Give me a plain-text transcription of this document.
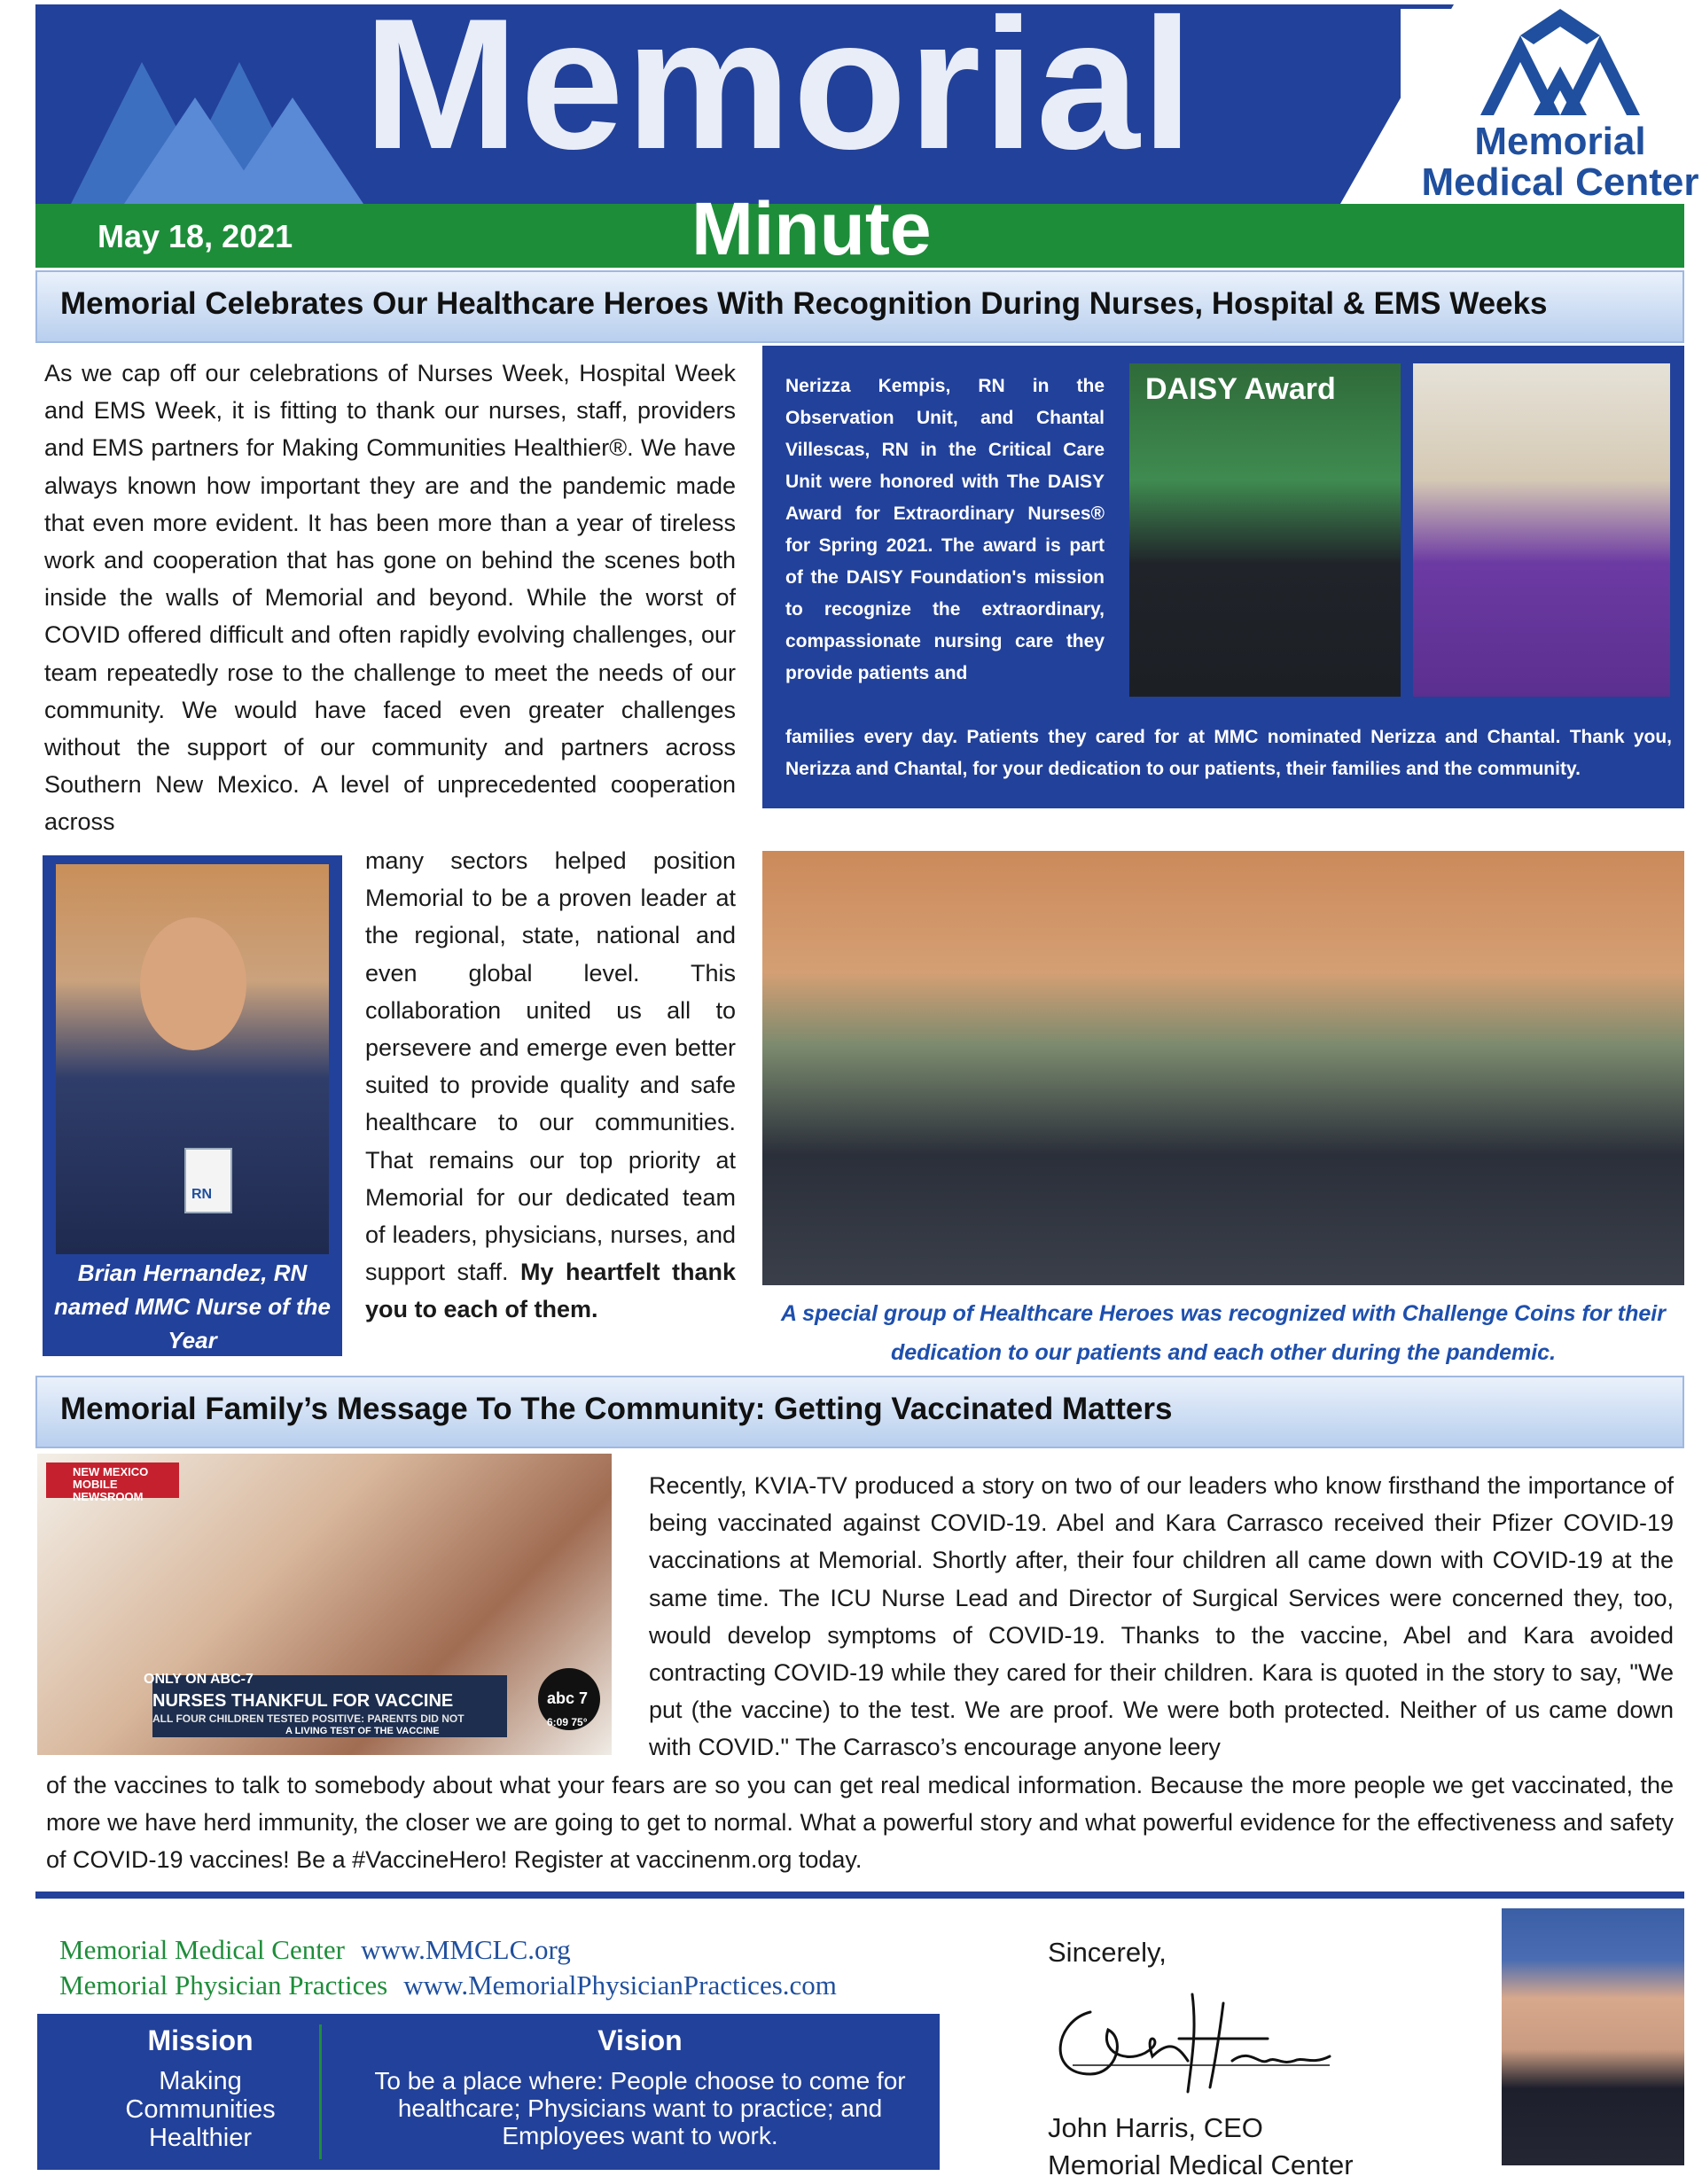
Memorial
May 18, 2021	Minute
Memorial
Medical Center
Memorial Celebrates Our Healthcare Heroes With Recognition During Nurses, Hospital & EMS Weeks
As we cap off our celebrations of Nurses Week, Hospital Week and EMS Week, it is fitting to thank our nurses, staff, providers and EMS partners for Making Communities Healthier®. We have always known how important they are and the pandemic made that even more evident. It has been more than a year of tireless work and cooperation that has gone on behind the scenes both inside the walls of Memorial and beyond. While the worst of COVID offered difficult and often rapidly evolving challenges, our team repeatedly rose to the challenge to meet the needs of our community. We would have faced even greater challenges without the support of our community and partners across Southern New Mexico. A level of unprecedented cooperation across
RN
Brian Hernandez, RN named MMC Nurse of the Year
many sectors helped position Memorial to be a proven leader at the regional, state, national and even global level. This collaboration united us all to persevere and emerge even better suited to provide quality and safe healthcare to our communities. That remains our top priority at Memorial for our dedicated team of leaders, physicians, nurses, and support staff. My heartfelt thank you to each of them.
Nerizza Kempis, RN in the Observation Unit, and Chantal Villescas, RN in the Critical Care Unit were honored with The DAISY Award for Extraordinary Nurses® for Spring 2021. The award is part of the DAISY Foundation's mission to recognize the extraordinary, compassionate nursing care they provide patients and
DAISY Award
families every day. Patients they cared for at MMC nominated Nerizza and Chantal. Thank you, Nerizza and Chantal, for your dedication to our patients, their families and the community.
A special group of Healthcare Heroes was recognized with Challenge Coins for their dedication to our patients and each other during the pandemic.
Memorial Family’s Message To The Community: Getting Vaccinated Matters
NEW MEXICO MOBILE NEWSROOM
ONLY ON ABC-7
NURSES THANKFUL FOR VACCINE
ALL FOUR CHILDREN TESTED POSITIVE: PARENTS DID NOT
A LIVING TEST OF THE VACCINE
abc 7
6:09 75°
Recently, KVIA-TV produced a story on two of our leaders who know firsthand the importance of being vaccinated against COVID-19. Abel and Kara Carrasco received their Pfizer COVID-19 vaccinations at Memorial. Shortly after, their four children all came down with COVID-19 at the same time. The ICU Nurse Lead and Director of Surgical Services were concerned they, too, would develop symptoms of COVID-19. Thanks to the vaccine, Abel and Kara avoided contracting COVID-19 while they cared for their children. Kara is quoted in the story to say, "We put (the vaccine) to the test. We are proof. We were both protected. Neither of us came down with COVID." The Carrasco’s encourage anyone leery
of the vaccines to talk to somebody about what your fears are so you can get real medical information. Because the more people we get vaccinated, the more we have herd immunity, the closer we are going to get to normal. What a powerful story and what powerful evidence for the effectiveness and safety of COVID-19 vaccines! Be a #VaccineHero! Register at vaccinenm.org today.
Memorial Medical Center www.MMCLC.org
Memorial Physician Practices www.MemorialPhysicianPractices.com
Mission
Making Communities Healthier
Vision
To be a place where: People choose to come for healthcare; Physicians want to practice; and Employees want to work.
Sincerely,
John Harris, CEO
Memorial Medical Center
